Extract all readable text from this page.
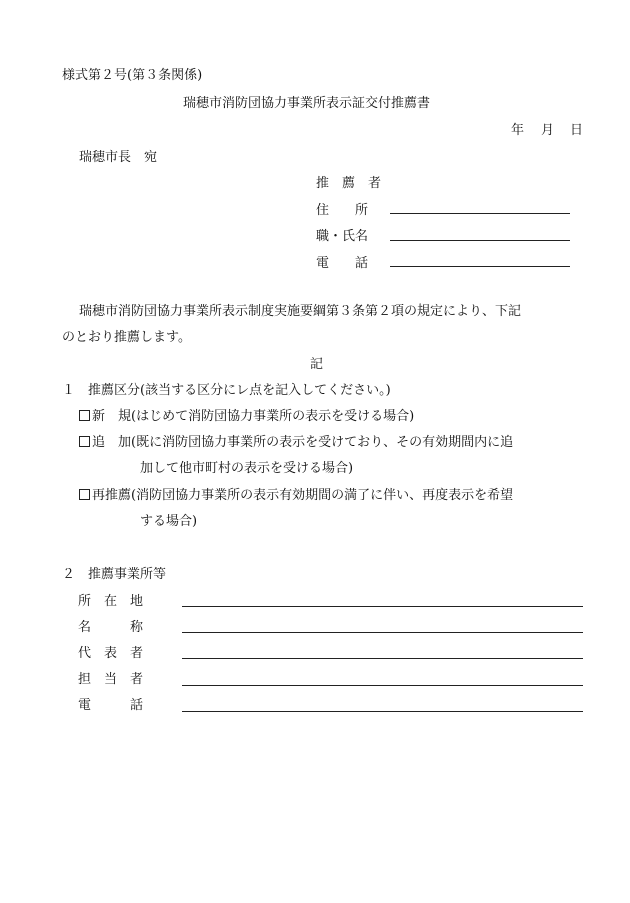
様式第２号(第３条関係)
瑞穂市消防団協力事業所表示証交付推薦書
年 月 日
瑞穂市長　宛
推　薦　者
住　　所
職・氏名
電　　話
瑞穂市消防団協力事業所表示制度実施要綱第３条第２項の規定により、下記
のとおり推薦します。
記
１　推薦区分(該当する区分にレ点を記入してください。)
新　規(はじめて消防団協力事業所の表示を受ける場合)
追　加(既に消防団協力事業所の表示を受けており、その有効期間内に追
加して他市町村の表示を受ける場合)
再推薦(消防団協力事業所の表示有効期間の満了に伴い、再度表示を希望
する場合)
２　推薦事業所等
所　在　地
名　　　称
代　表　者
担　当　者
電　　　話
